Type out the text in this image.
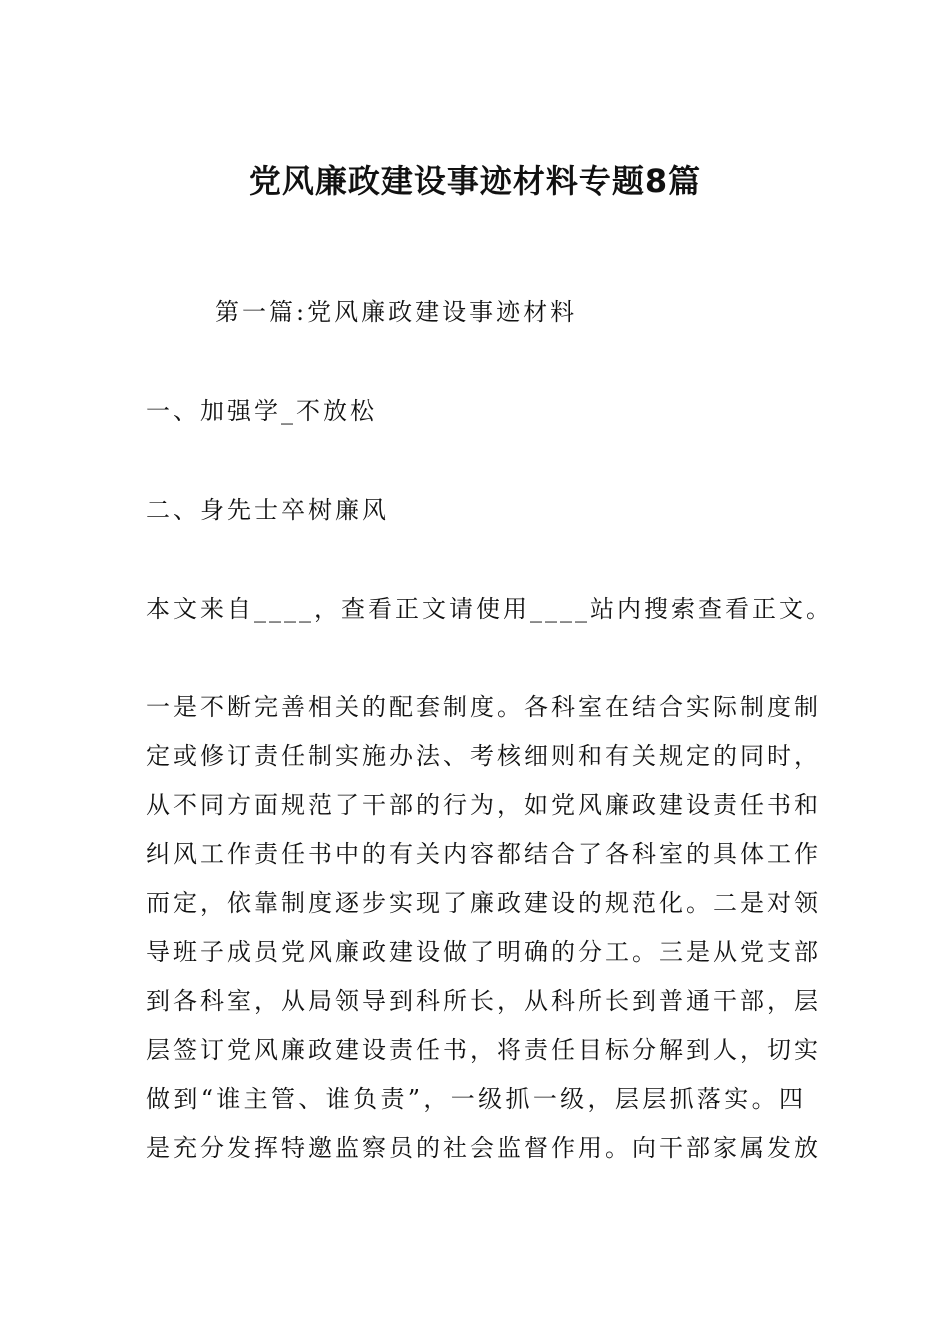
党风廉政建设事迹材料专题8篇

第一篇:党风廉政建设事迹材料

一、加强学_不放松

二、身先士卒树廉风

本文来自____，查看正文请使用____站内搜索查看正文。

一是不断完善相关的配套制度。各科室在结合实际制度制
定或修订责任制实施办法、考核细则和有关规定的同时，
从不同方面规范了干部的行为，如党风廉政建设责任书和
纠风工作责任书中的有关内容都结合了各科室的具体工作
而定，依靠制度逐步实现了廉政建设的规范化。二是对领
导班子成员党风廉政建设做了明确的分工。三是从党支部
到各科室，从局领导到科所长，从科所长到普通干部，层
层签订党风廉政建设责任书，将责任目标分解到人，切实
做到“谁主管、谁负责”，一级抓一级，层层抓落实。四
是充分发挥特邀监察员的社会监督作用。向干部家属发放
